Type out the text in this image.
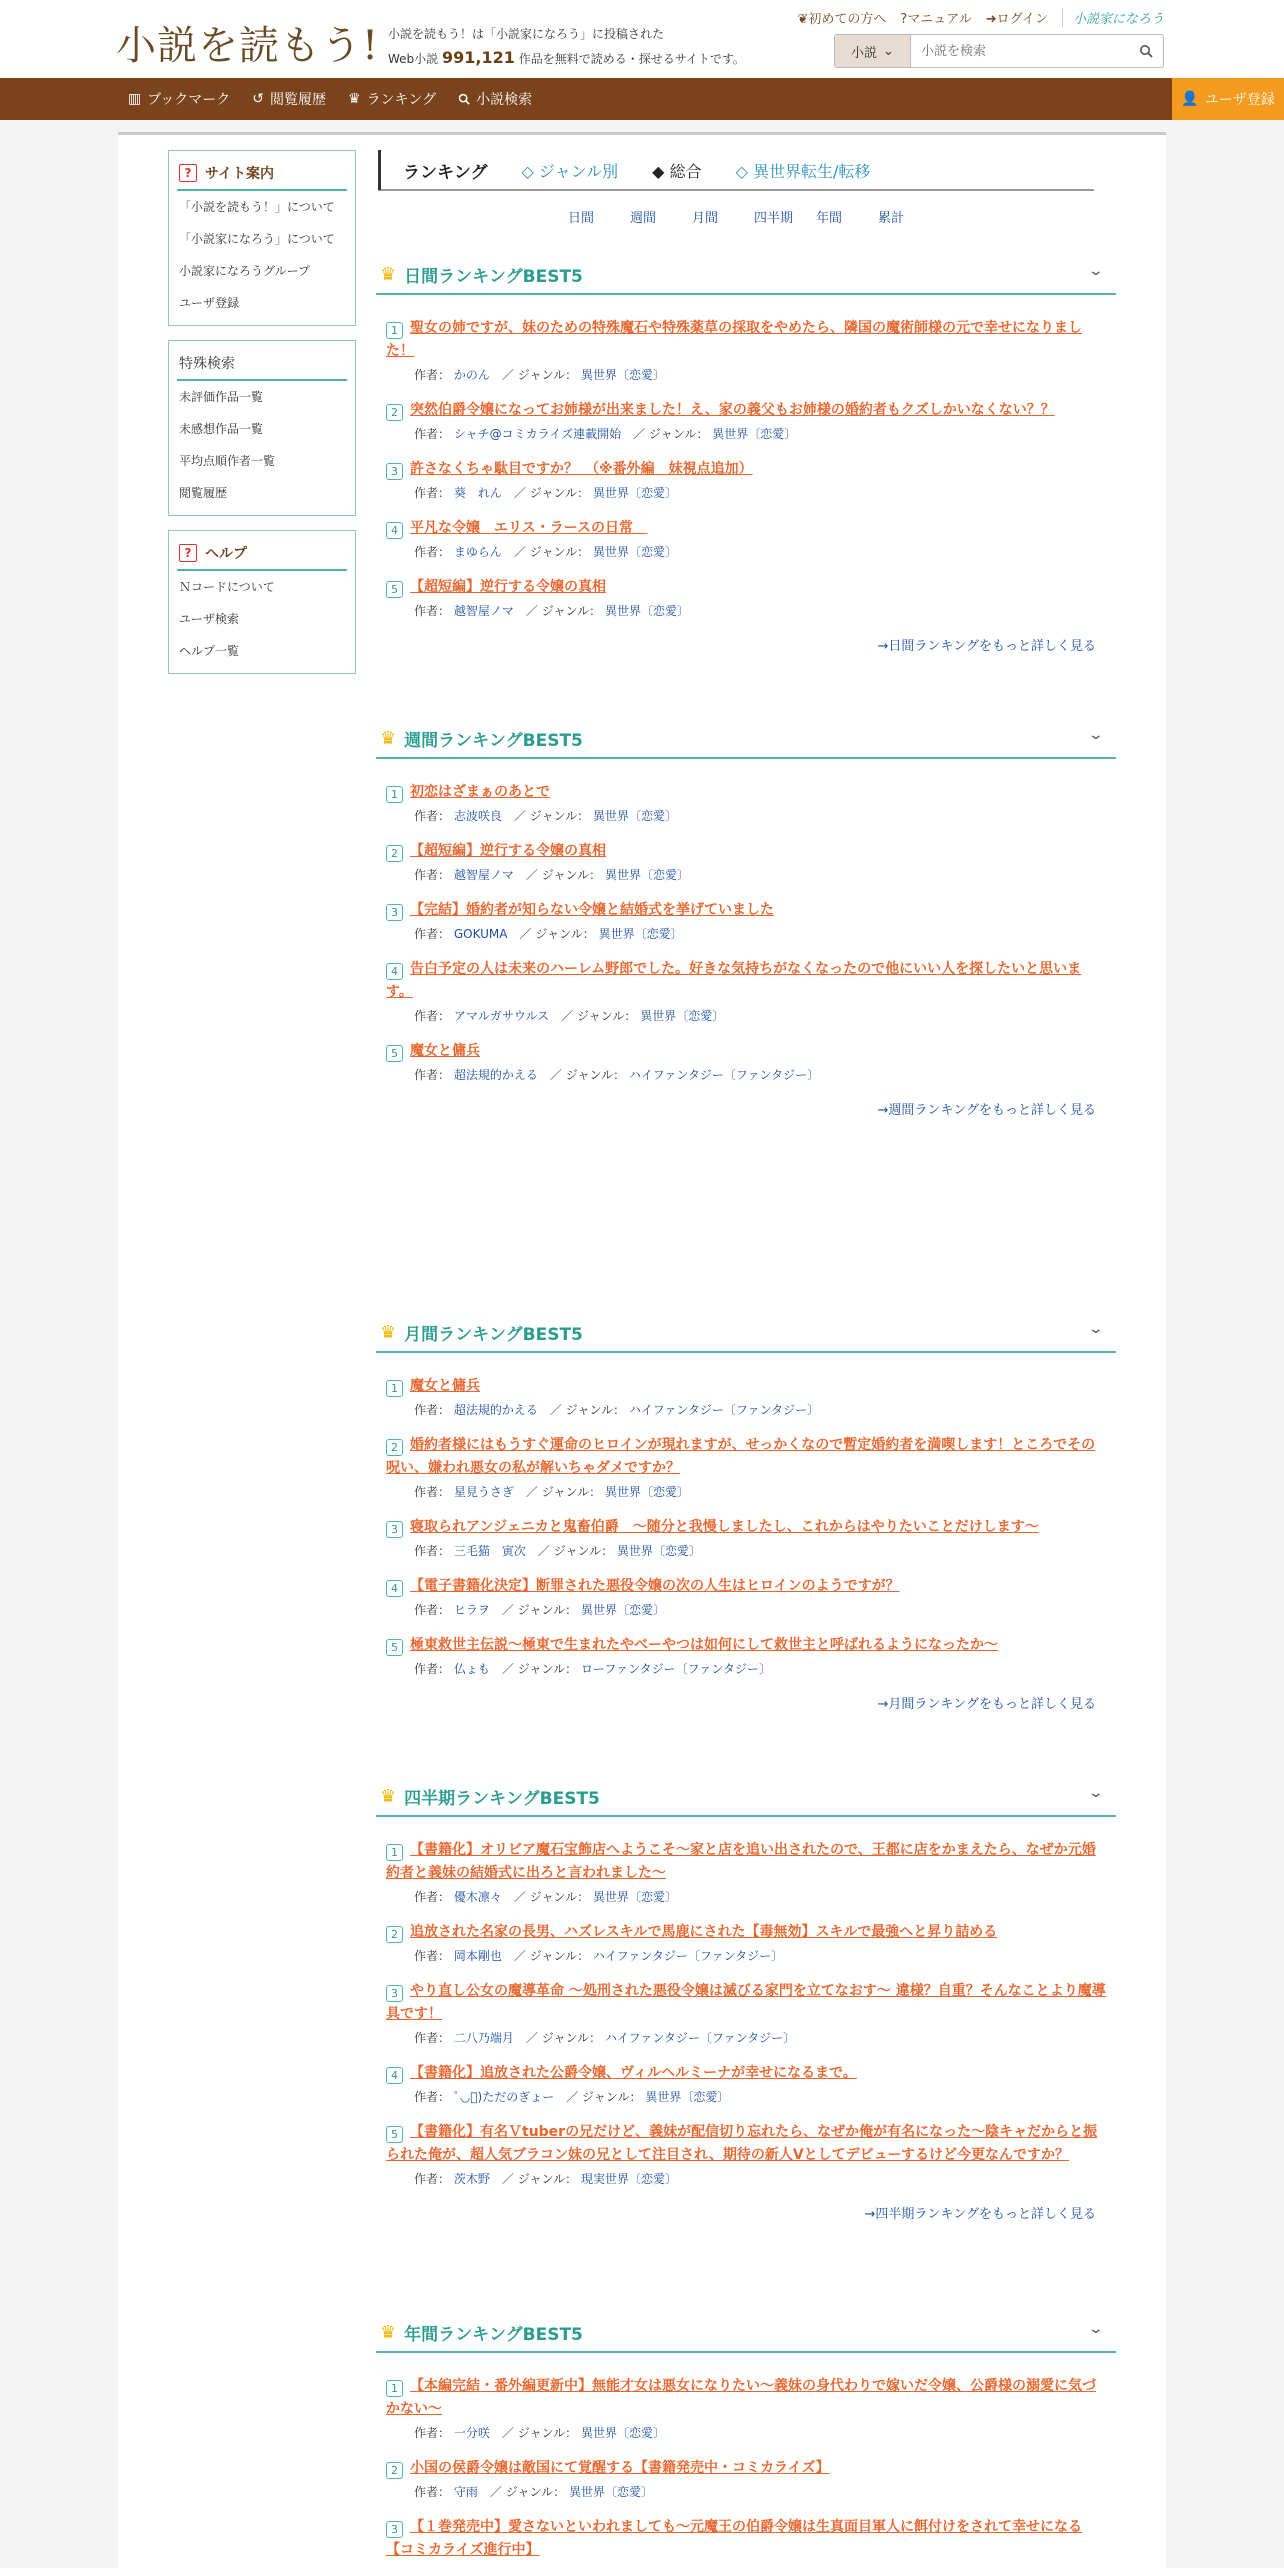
小説を読もう! 小説を読もう！は「小説家になろう」に投稿された
Web小説 991,121 作品を無料で読める・探せるサイトです。
❦初めての方へ ?マニュアル ➜ログイン	小説家になろう
小説 ⌄
小説を検索
▥ ブックマーク ↺ 閲覧履歴 ♛ ランキング	小説検索	👤 ユーザ登録
? サイト案内
「小説を読もう！」について
「小説家になろう」について
小説家になろうグループ
ユーザ登録
特殊検索
未評価作品一覧
未感想作品一覧
平均点順作者一覧
閲覧履歴
? ヘルプ
Ｎコードについて
ユーザ検索
ヘルプ一覧
ランキング ◇ ジャンル別 ◆ 総合 ◇ 異世界転生/転移
日間	週間	月間	四半期	年間	累計
♛ 日間ランキングBEST5	⌄
1 聖女の姉ですが、妹のための特殊魔石や特殊薬草の採取をやめたら、隣国の魔術師様の元で幸せになりました！
作者： かのん　／ ジャンル： 異世界〔恋愛〕
2 突然伯爵令嬢になってお姉様が出来ました！え、家の義父もお姉様の婚約者もクズしかいなくない？？
作者： シャチ@コミカライズ連載開始　／ ジャンル： 異世界〔恋愛〕
3 許さなくちゃ駄目ですか？　（※番外編　妹視点追加）
作者： 葵　れん　／ ジャンル： 異世界〔恋愛〕
4 平凡な令嬢　エリス・ラースの日常　
作者： まゆらん　／ ジャンル： 異世界〔恋愛〕
5 【超短編】逆行する令嬢の真相
作者： 越智屋ノマ　／ ジャンル： 異世界〔恋愛〕
→日間ランキングをもっと詳しく見る
♛ 週間ランキングBEST5	⌄
1 初恋はざまぁのあとで
作者： 志波咲良　／ ジャンル： 異世界〔恋愛〕
2 【超短編】逆行する令嬢の真相
作者： 越智屋ノマ　／ ジャンル： 異世界〔恋愛〕
3 【完結】婚約者が知らない令嬢と結婚式を挙げていました
作者： GOKUMA　／ ジャンル： 異世界〔恋愛〕
4 告白予定の人は未来のハーレム野郎でした。好きな気持ちがなくなったので他にいい人を探したいと思います。
作者： アマルガサウルス　／ ジャンル： 異世界〔恋愛〕
5 魔女と傭兵
作者： 超法規的かえる　／ ジャンル： ハイファンタジー〔ファンタジー〕
→週間ランキングをもっと詳しく見る
♛ 月間ランキングBEST5	⌄
1 魔女と傭兵
作者： 超法規的かえる　／ ジャンル： ハイファンタジー〔ファンタジー〕
2 婚約者様にはもうすぐ運命のヒロインが現れますが、せっかくなので暫定婚約者を満喫します！ところでその呪い、嫌われ悪女の私が解いちゃダメですか？
作者： 星見うさぎ　／ ジャンル： 異世界〔恋愛〕
3 寝取られアンジェニカと鬼畜伯爵　～随分と我慢しましたし、これからはやりたいことだけします～
作者： 三毛猫　寅次　／ ジャンル： 異世界〔恋愛〕
4 【電子書籍化決定】断罪された悪役令嬢の次の人生はヒロインのようですが？
作者： ヒラヲ　／ ジャンル： 異世界〔恋愛〕
5 極東救世主伝説～極東で生まれたやべーやつは如何にして救世主と呼ばれるようになったか～
作者： 仏ょも　／ ジャンル： ローファンタジー〔ファンタジー〕
→月間ランキングをもっと詳しく見る
♛ 四半期ランキングBEST5	⌄
1 【書籍化】オリビア魔石宝飾店へようこそ～家と店を追い出されたので、王都に店をかまえたら、なぜか元婚約者と義妹の結婚式に出ろと言われました～
作者： 優木凛々　／ ジャンル： 異世界〔恋愛〕
2 追放された名家の長男、ハズレスキルで馬鹿にされた【毒無効】スキルで最強へと昇り詰める
作者： 岡本剛也　／ ジャンル： ハイファンタジー〔ファンタジー〕
3 やり直し公女の魔導革命 〜処刑された悪役令嬢は滅びる家門を立てなおす〜 違様？自重？そんなことより魔導具です！
作者： 二八乃端月　／ ジャンル： ハイファンタジー〔ファンタジー〕
4 【書籍化】追放された公爵令嬢、ヴィルヘルミーナが幸せになるまで。
作者： ﾟ◡ﾟ)ただのぎょー　／ ジャンル： 異世界〔恋愛〕
5 【書籍化】有名Ｖtuberの兄だけど、義妹が配信切り忘れたら、なぜか俺が有名になった～陰キャだからと振られた俺が、超人気ブラコン妹の兄として注目され、期待の新人Vとしてデビューするけど今更なんですか？
作者： 茨木野　／ ジャンル： 現実世界〔恋愛〕
→四半期ランキングをもっと詳しく見る
♛ 年間ランキングBEST5	⌄
1 【本編完結・番外編更新中】無能才女は悪女になりたい～義妹の身代わりで嫁いだ令嬢、公爵様の溺愛に気づかない～
作者： 一分咲　／ ジャンル： 異世界〔恋愛〕
2 小国の侯爵令嬢は敵国にて覚醒する【書籍発売中・コミカライズ】
作者： 守雨　／ ジャンル： 異世界〔恋愛〕
3 【１巻発売中】愛さないといわれましても～元魔王の伯爵令嬢は生真面目軍人に餌付けをされて幸せになる【コミカライズ進行中】
